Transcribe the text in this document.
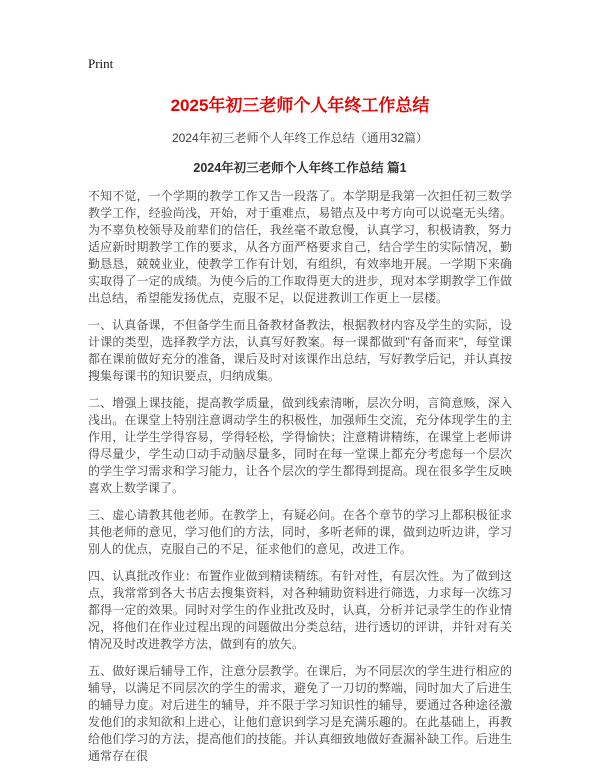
Print
2025年初三老师个人年终工作总结
2024年初三老师个人年终工作总结（通用32篇）
2024年初三老师个人年终工作总结 篇1

不知不觉，一个学期的教学工作又告一段落了。本学期是我第一次担任初三数学教学工作，经验尚浅，开始，对于重难点，易错点及中考方向可以说毫无头绪。为不辜负校领导及前辈们的信任，我丝毫不敢怠慢，认真学习，积极请教，努力适应新时期教学工作的要求，从各方面严格要求自己，结合学生的实际情况，勤勤恳恳，兢兢业业，使教学工作有计划，有组织，有效率地开展。一学期下来确实取得了一定的成绩。为使今后的工作取得更大的进步，现对本学期教学工作做出总结，希望能发扬优点，克服不足，以促进教训工作更上一层楼。

一、认真备课，不但备学生而且备教材备教法，根据教材内容及学生的实际，设计课的类型，选择教学方法，认真写好教案。每一课都做到"有备而来"，每堂课都在课前做好充分的准备，课后及时对该课作出总结，写好教学后记，并认真按搜集每课书的知识要点，归纳成集。

二、增强上课技能，提高教学质量，做到线索清晰，层次分明，言简意赅，深入浅出。在课堂上特别注意调动学生的积极性，加强师生交流，充分体现学生的主作用，让学生学得容易，学得轻松，学得愉快；注意精讲精练，在课堂上老师讲得尽量少，学生动口动手动脑尽量多，同时在每一堂课上都充分考虑每一个层次的学生学习需求和学习能力，让各个层次的学生都得到提高。现在很多学生反映喜欢上数学课了。

三、虚心请教其他老师。在教学上，有疑必问。在各个章节的学习上都积极征求其他老师的意见，学习他们的方法，同时，多听老师的课，做到边听边讲，学习别人的优点，克服自己的不足，征求他们的意见，改进工作。

四、认真批改作业：布置作业做到精读精练。有针对性，有层次性。为了做到这点，我常常到各大书店去搜集资料，对各种辅助资料进行筛选，力求每一次练习都得一定的效果。同时对学生的作业批改及时，认真，分析并记录学生的作业情况，将他们在作业过程出现的问题做出分类总结，进行透切的评讲，并针对有关情况及时改进教学方法，做到有的放矢。

五、做好课后辅导工作，注意分层教学。在课后，为不同层次的学生进行相应的辅导，以满足不同层次的学生的需求，避免了一刀切的弊端，同时加大了后进生的辅导力度。对后进生的辅导，并不限于学习知识性的辅导，要通过各种途径激发他们的求知欲和上进心，让他们意识到学习是充满乐趣的。在此基础上，再教给他们学习的方法，提高他们的技能。并认真细致地做好查漏补缺工作。后进生通常存在很
